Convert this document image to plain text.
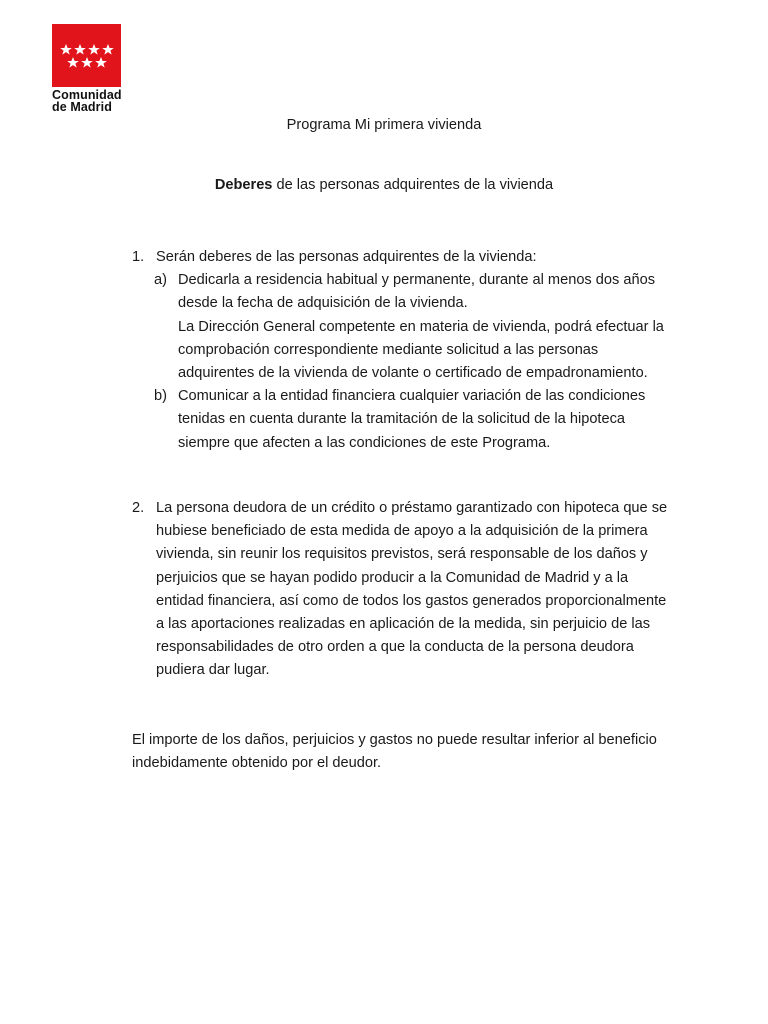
Comunidad
de Madrid
Programa Mi primera vivienda
Deberes de las personas adquirentes de la vivienda
1. Serán deberes de las personas adquirentes de la vivienda:
a) Dedicarla a residencia habitual y permanente, durante al menos dos años
desde la fecha de adquisición de la vivienda.
La Dirección General competente en materia de vivienda, podrá efectuar la
comprobación correspondiente mediante solicitud a las personas
adquirentes de la vivienda de volante o certificado de empadronamiento.
b) Comunicar a la entidad financiera cualquier variación de las condiciones
tenidas en cuenta durante la tramitación de la solicitud de la hipoteca
siempre que afecten a las condiciones de este Programa.
2. La persona deudora de un crédito o préstamo garantizado con hipoteca que se
hubiese beneficiado de esta medida de apoyo a la adquisición de la primera
vivienda, sin reunir los requisitos previstos, será responsable de los daños y
perjuicios que se hayan podido producir a la Comunidad de Madrid y a la
entidad financiera, así como de todos los gastos generados proporcionalmente
a las aportaciones realizadas en aplicación de la medida, sin perjuicio de las
responsabilidades de otro orden a que la conducta de la persona deudora
pudiera dar lugar.
El importe de los daños, perjuicios y gastos no puede resultar inferior al beneficio
indebidamente obtenido por el deudor.
